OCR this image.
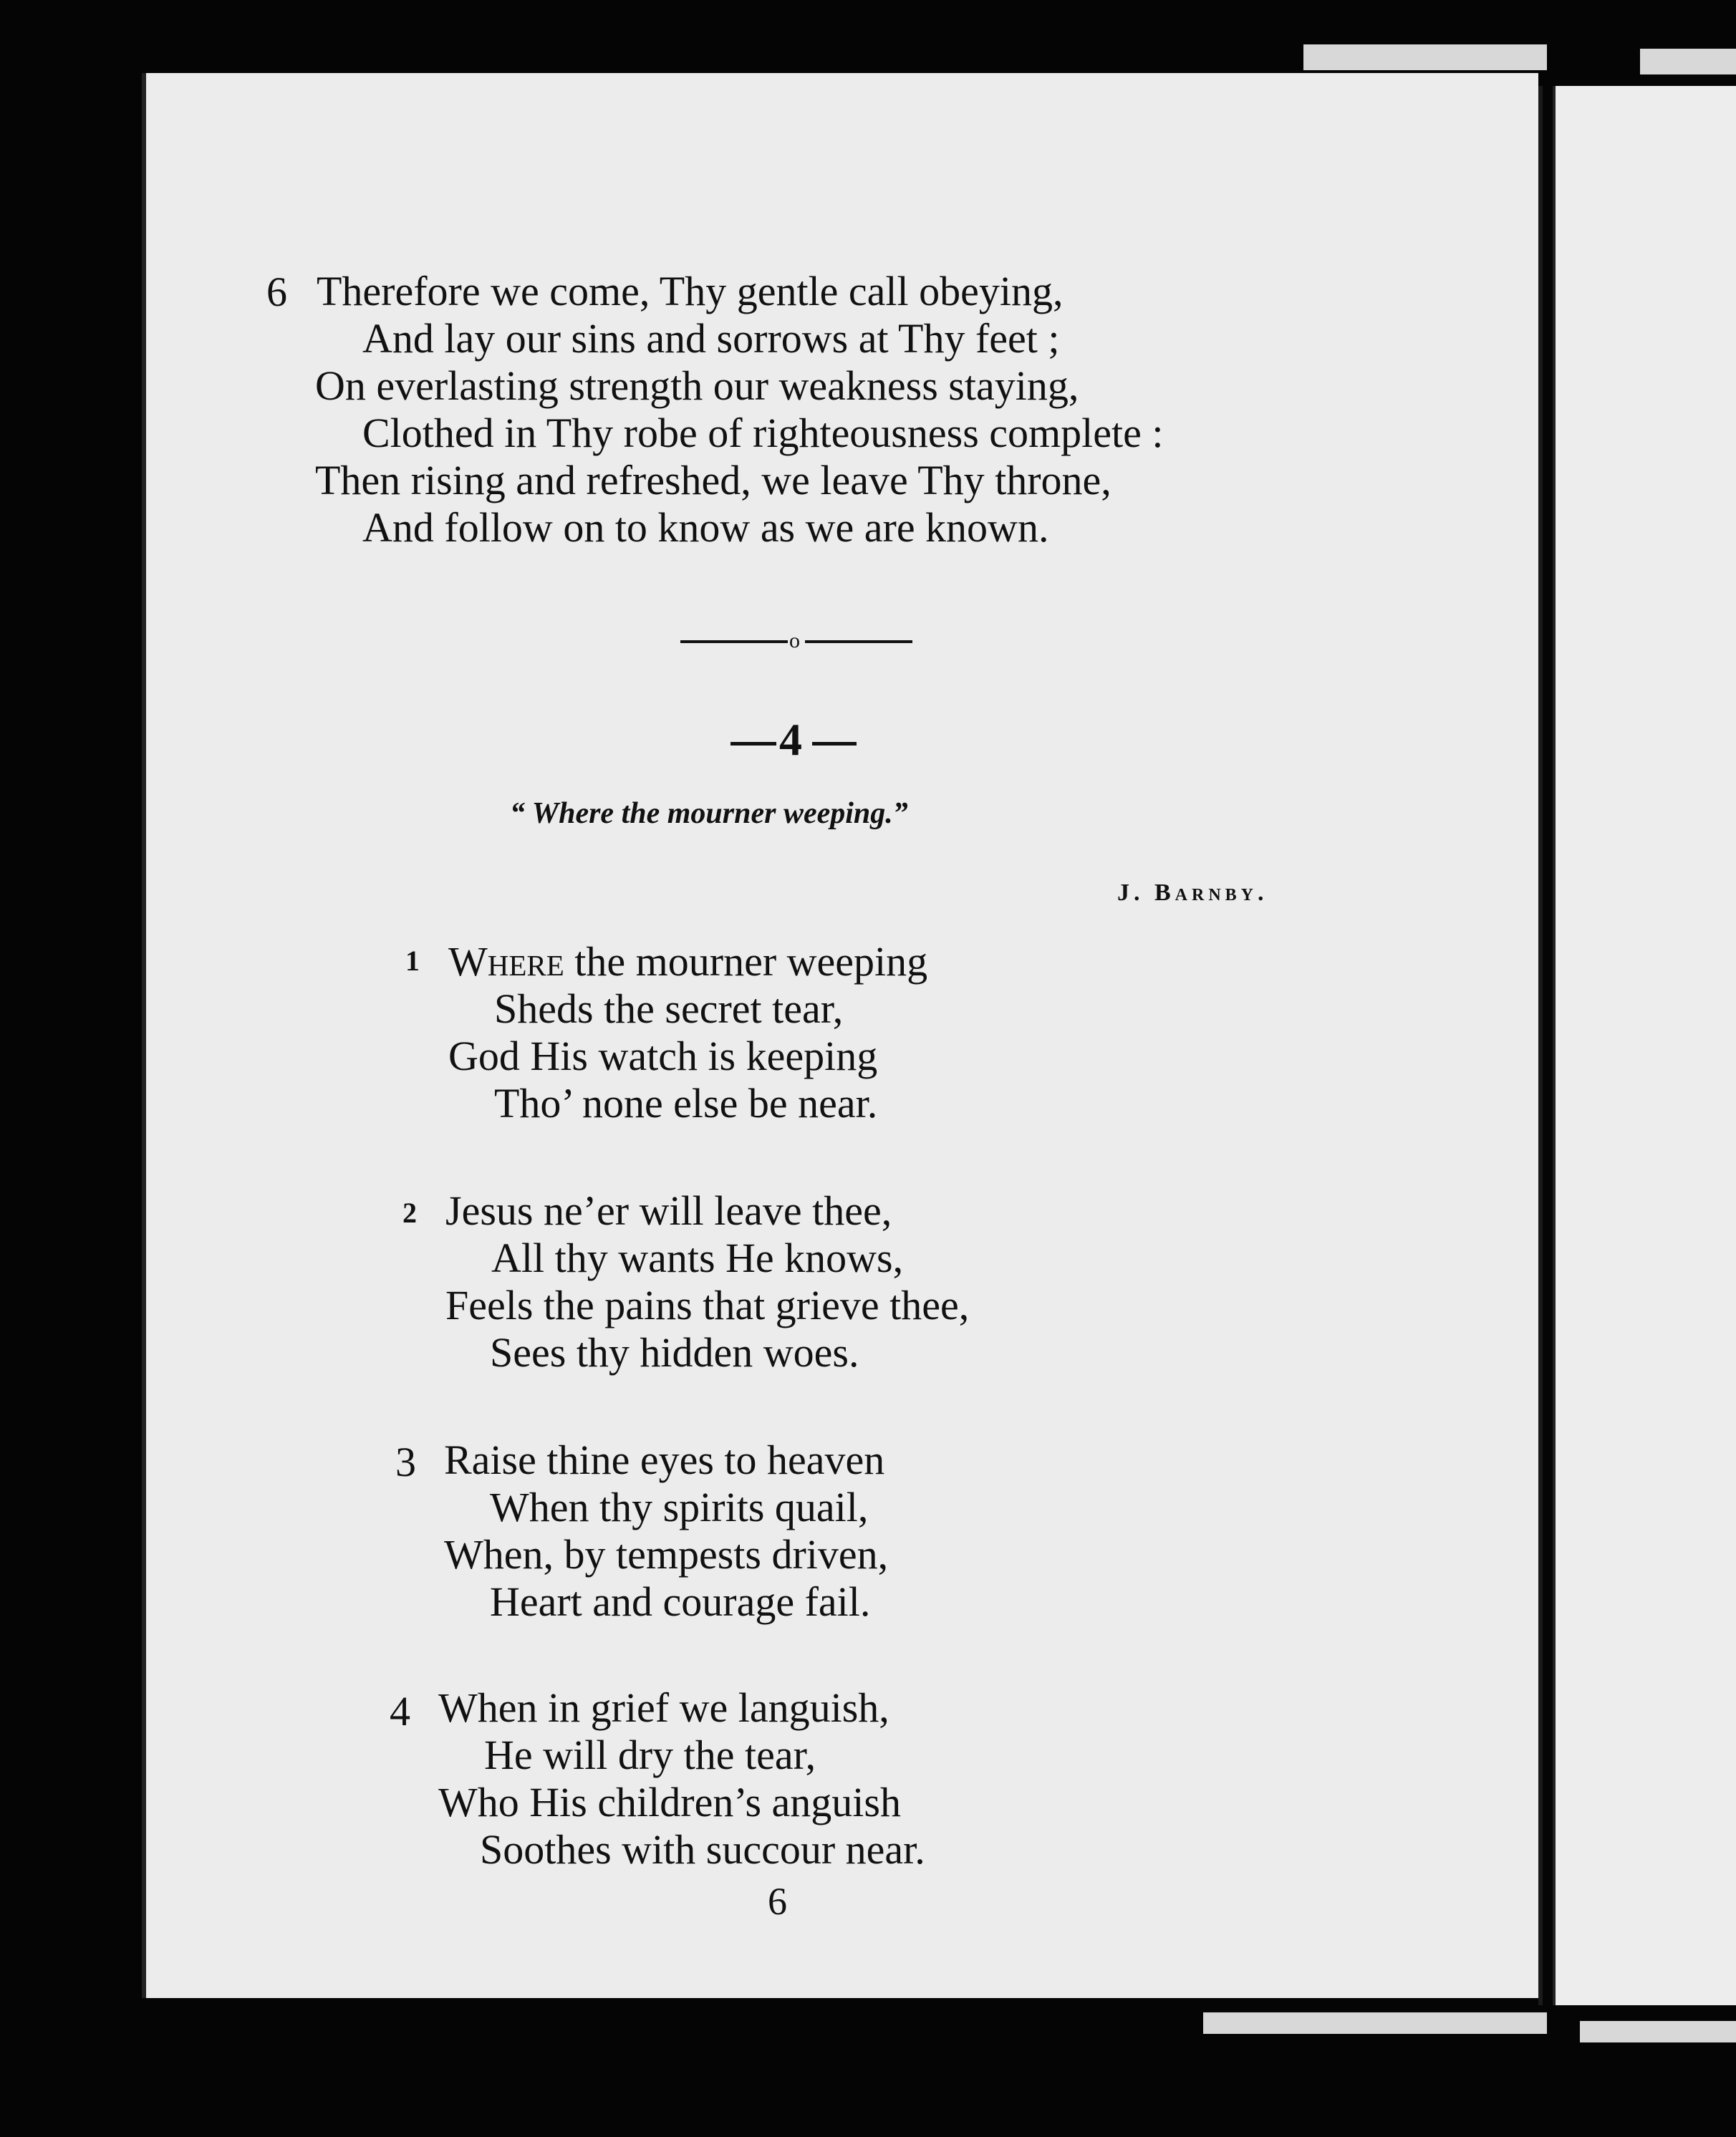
6 Therefore we come, Thy gentle call obeying,
And lay our sins and sorrows at Thy feet ;
On everlasting strength our weakness staying,
Clothed in Thy robe of righteousness complete :
Then rising and refreshed, we leave Thy throne,
And follow on to know as we are known.
o
4
“ Where the mourner weeping.”
J. Barnby.
1 Where the mourner weeping
Sheds the secret tear,
God His watch is keeping
Tho’ none else be near.
2 Jesus ne’er will leave thee,
All thy wants He knows,
Feels the pains that grieve thee,
Sees thy hidden woes.
3 Raise thine eyes to heaven
When thy spirits quail,
When, by tempests driven,
Heart and courage fail.
4 When in grief we languish,
He will dry the tear,
Who His children’s anguish
Soothes with succour near.
6
